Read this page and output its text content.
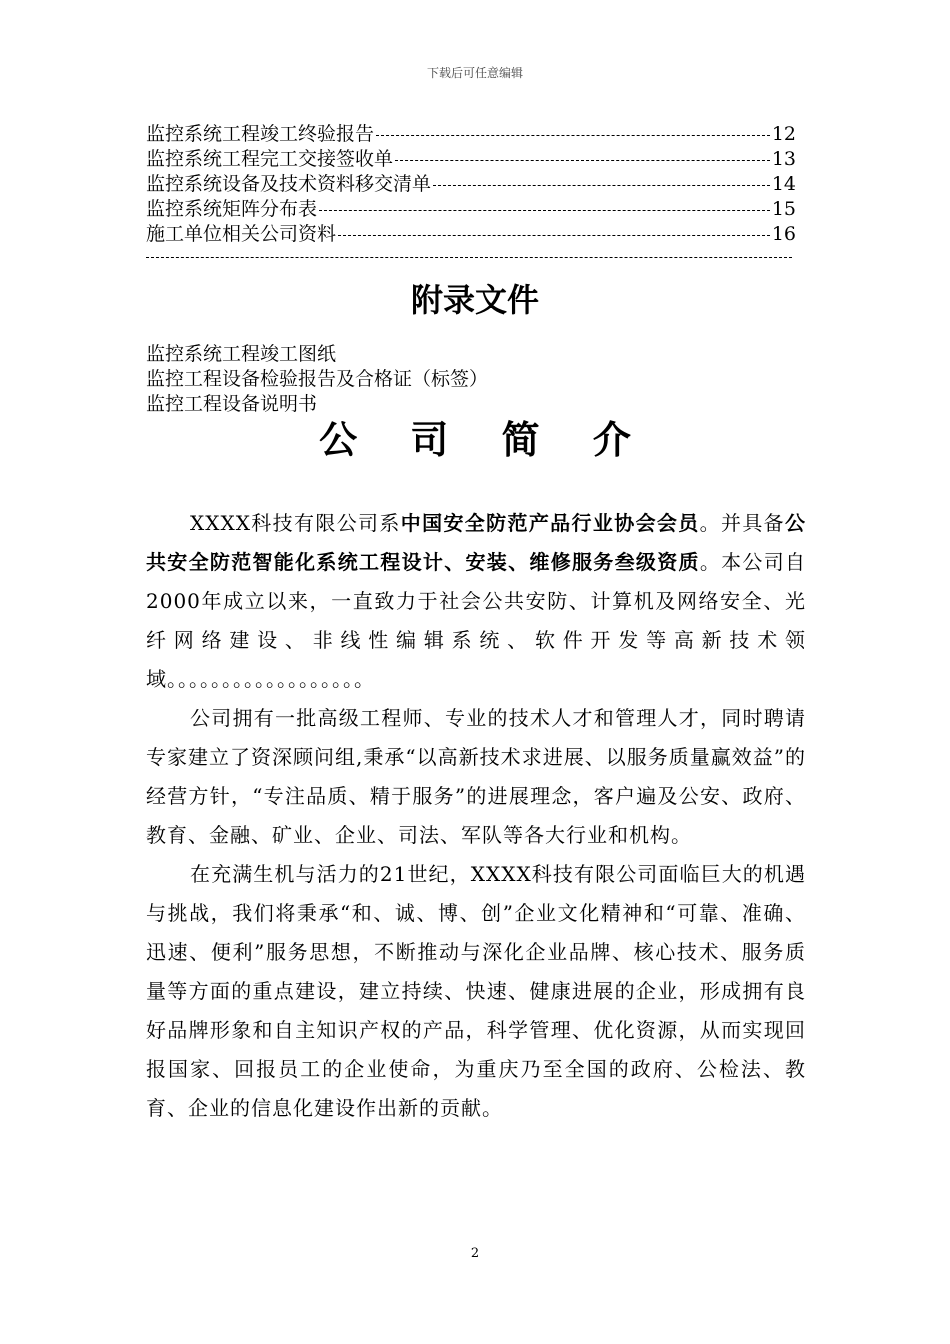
下载后可任意编辑
监控系统工程竣工终验报告	12
监控系统工程完工交接签收单	13
监控系统设备及技术资料移交清单	14
监控系统矩阵分布表	15
施工单位相关公司资料	16
附录文件
监控系统工程竣工图纸
监控工程设备检验报告及合格证（标签）
监控工程设备说明书
公 司 简 介

XXXX科技有限公司系中国安全防范产品行业协会会员。并具备公共安全防范智能化系统工程设计、安装、维修服务叁级资质。本公司自2000年成立以来，一直致力于社会公共安防、计算机及网络安全、光纤网络建设、非线性编辑系统、软件开发等高新技术领域。。。。。。。。。。。。。。。。。。

公司拥有一批高级工程师、专业的技术人才和管理人才，同时聘请专家建立了资深顾问组,秉承“以高新技术求进展、以服务质量赢效益”的经营方针，“专注品质、精于服务”的进展理念，客户遍及公安、政府、教育、金融、矿业、企业、司法、军队等各大行业和机构。

在充满生机与活力的21世纪，XXXX科技有限公司面临巨大的机遇与挑战，我们将秉承“和、诚、博、创”企业文化精神和“可靠、准确、迅速、便利”服务思想，不断推动与深化企业品牌、核心技术、服务质量等方面的重点建设，建立持续、快速、健康进展的企业，形成拥有良好品牌形象和自主知识产权的产品，科学管理、优化资源，从而实现回报国家、回报员工的企业使命，为重庆乃至全国的政府、公检法、教育、企业的信息化建设作出新的贡献。

2
